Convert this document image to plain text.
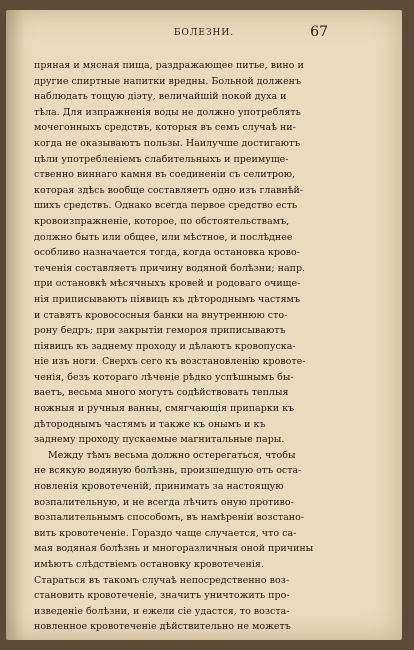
БОЛЕЗНИ.	67
пряная и мясная пища, раздражающее питье, вино и
другие спиртные напитки вредны. Больной долженъ
наблюдать тощую діэту, величайшій покой духа и
тѣла. Для изпражненія воды не должно употреблять
мочегонныхъ средствъ, которыя въ семъ случаѣ ни-
когда не оказываютъ пользы. Наилучше достигаютъ
цѣли употребленіемъ слабительныхъ и преимуще-
ственно виннаго камня въ соединеніи съ селитрою,
которая здѣсь вообще составляетъ одно изъ главнѣй-
шихъ средствъ. Однако всегда первое средство есть
кровоизпражненіе, которое, по обстоятельствамъ,
должно быть или общее, или мѣстное, и послѣднее
особливо назначается тогда, когда остановка крово-
теченія составляетъ причину водяной болѣзни; напр.
при остановкѣ мѣсячныхъ кровей и родоваго очище-
нія приписываютъ піявицъ къ дѣтороднымъ частямъ
и ставятъ кровососныя банки на внутреннюю сто-
рону бедръ; при закрытіи гемороя приписываютъ
піявицъ къ заднему проходу и дѣлаютъ кровопуска-
ніе изъ ноги. Сверхъ сего къ возстановленію кровоте-
ченія, безъ котораго лѣченіе рѣдко успѣшнымъ бы-
ваетъ, весьма много могутъ содѣйствовать теплыя
ножныя и ручныя ванны, смягчающія припарки къ
дѣтороднымъ частямъ и также къ онымъ и къ
заднему проходу пускаемые магнитальные пары.
Между тѣмъ весьма должно остерегаться, чтобы
не всякую водяную болѣзнь, произшедшую отъ оста-
новленія кровотеченій, принимать за настоящую
возпалительную, и не всегда лѣчить оную противо-
возпалительнымъ способомъ, въ намѣреніи возстано-
вить кровотеченіе. Гораздо чаще случается, что са-
мая водяная болѣзнь и многоразличныя оной причины
имѣютъ слѣдствіемъ остановку кровотеченія.
Стараться въ такомъ случаѣ непосредственно воз-
становить кровотеченіе, значитъ уничтожить про-
изведеніе болѣзни, и ежели сіе удастся, то возста-
новленное кровотеченіе дѣйствительно не можетъ
